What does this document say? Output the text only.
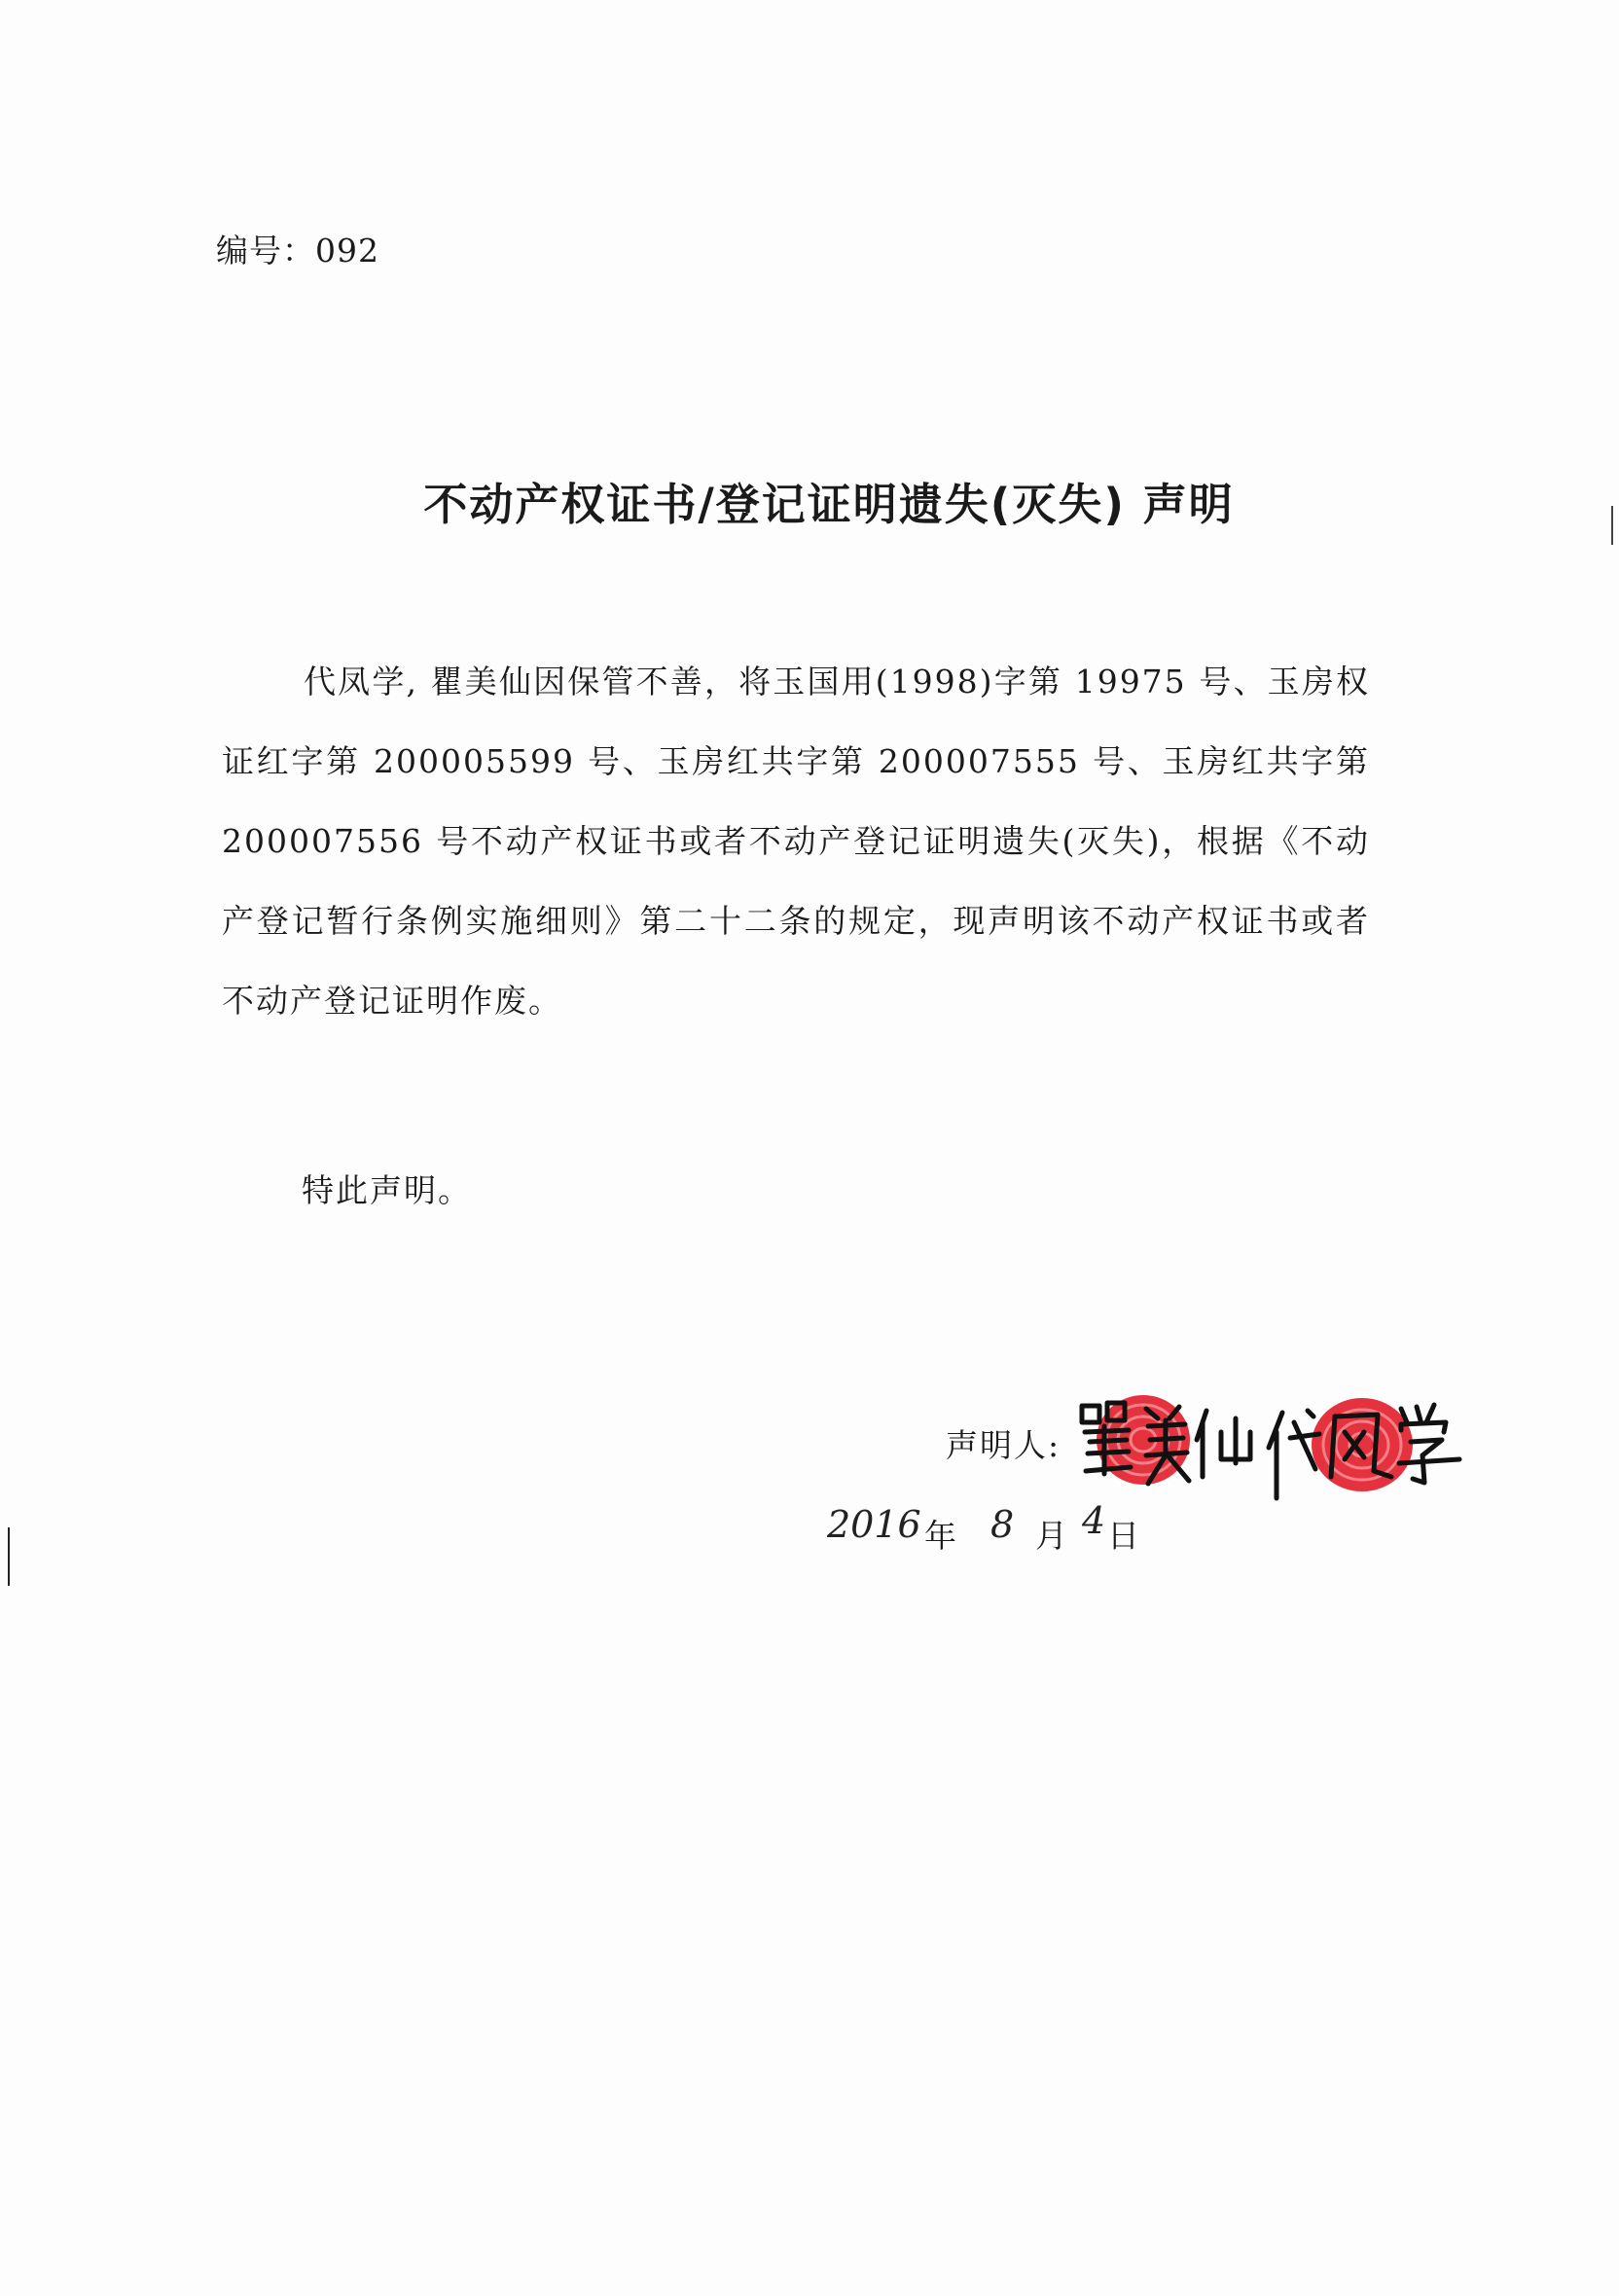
编号：092
不动产权证书/登记证明遗失(灭失) 声明
代凤学, 瞿美仙因保管不善，将玉国用(1998)字第 19975 号、玉房权证红字第 200005599 号、玉房红共字第 200007555 号、玉房红共字第 200007556 号不动产权证书或者不动产登记证明遗失(灭失)，根据《不动产登记暂行条例实施细则》第二十二条的规定，现声明该不动产权证书或者不动产登记证明作废。
特此声明。
声明人:
2016 年 8 月 4 日
